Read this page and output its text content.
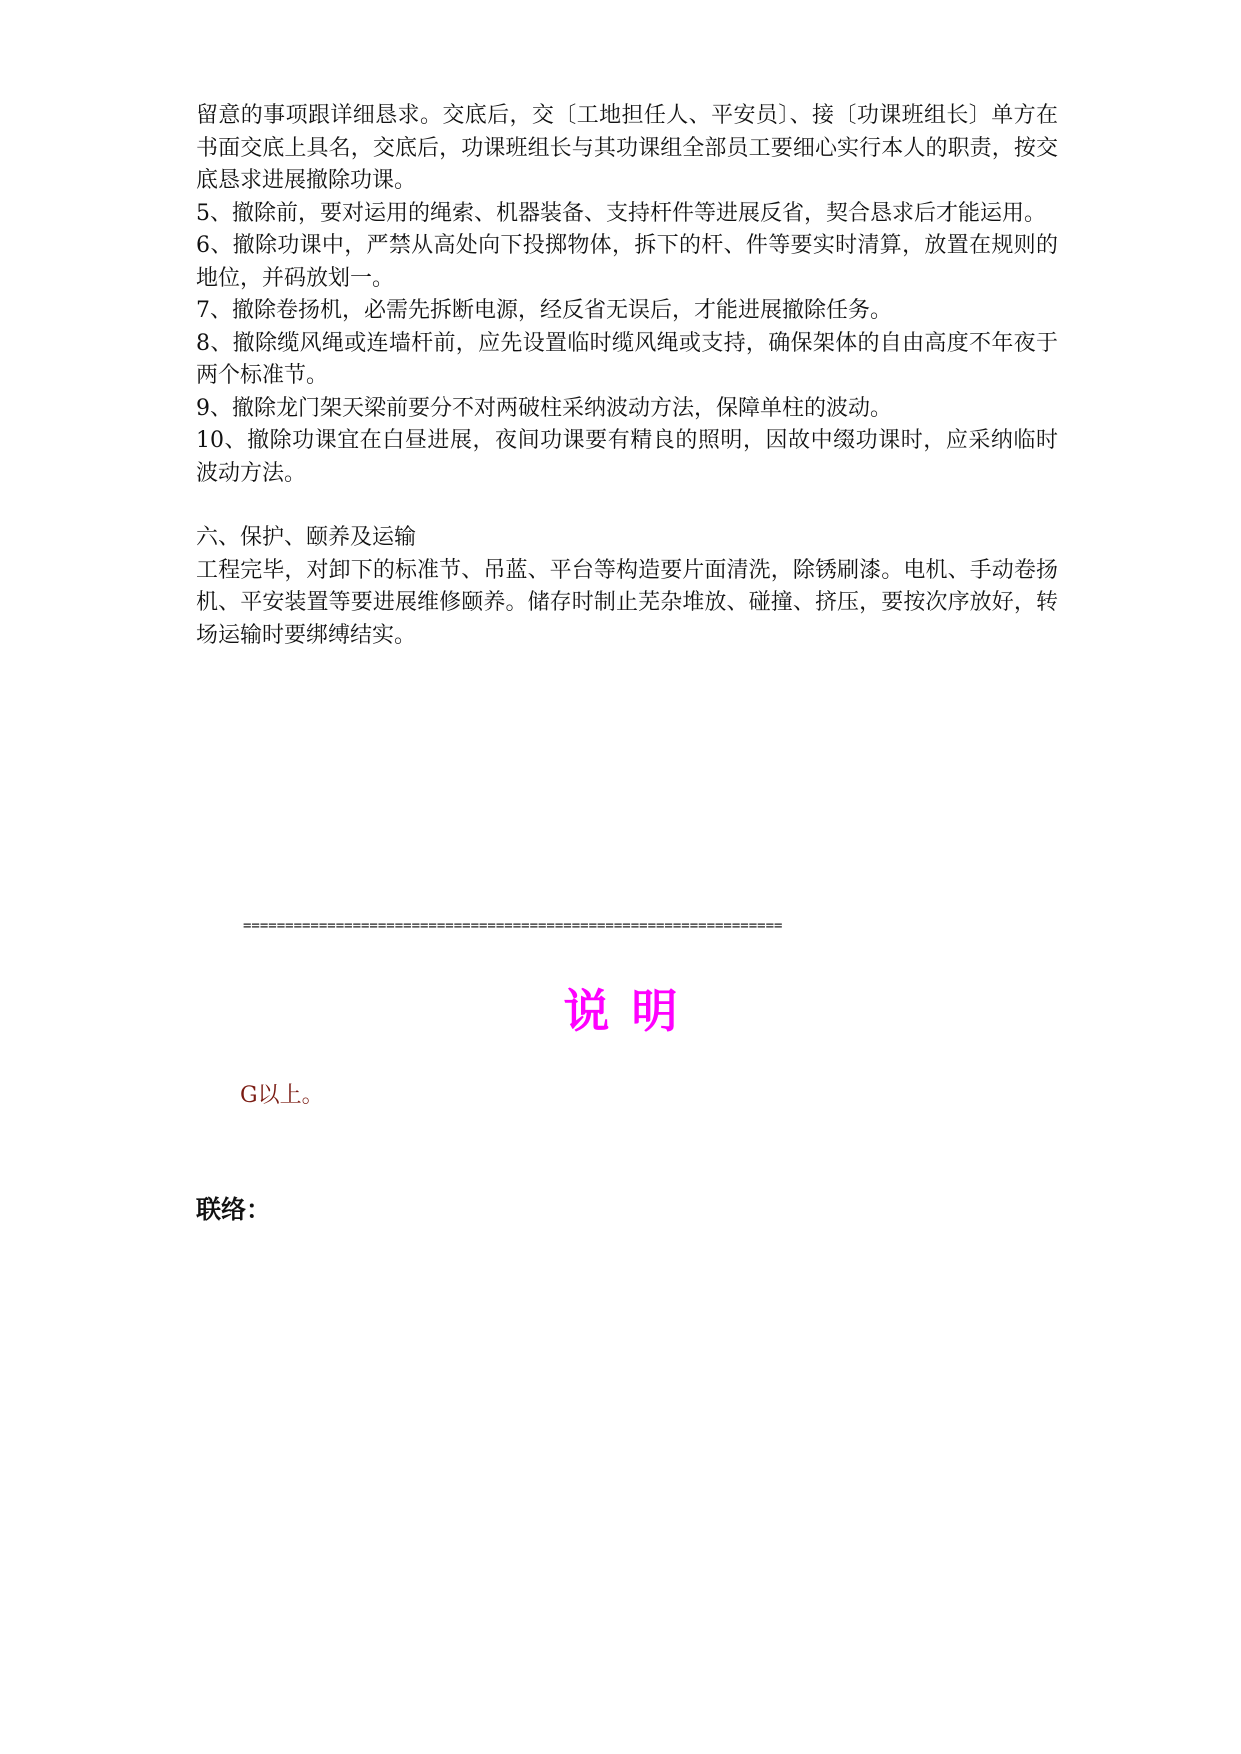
留意的事项跟详细恳求。交底后，交〔工地担任人、平安员〕、接〔功课班组长〕单方在书面交底上具名，交底后，功课班组长与其功课组全部员工要细心实行本人的职责，按交底恳求进展撤除功课。

5、撤除前，要对运用的绳索、机器装备、支持杆件等进展反省，契合恳求后才能运用。

6、撤除功课中，严禁从高处向下投掷物体，拆下的杆、件等要实时清算，放置在规则的地位，并码放划一。

7、撤除卷扬机，必需先拆断电源，经反省无误后，才能进展撤除任务。

8、撤除缆风绳或连墙杆前，应先设置临时缆风绳或支持，确保架体的自由高度不年夜于两个标准节。

9、撤除龙门架天梁前要分不对两破柱采纳波动方法，保障单柱的波动。

10、撤除功课宜在白昼进展，夜间功课要有精良的照明，因故中缀功课时，应采纳临时波动方法。

六、保护、颐养及运输

工程完毕，对卸下的标准节、吊蓝、平台等构造要片面清洗，除锈刷漆。电机、手动卷扬机、平安装置等要进展维修颐养。储存时制止芜杂堆放、碰撞、挤压，要按次序放好，转场运输时要绑缚结实。

================================================================
说明
G以上。
联络：
